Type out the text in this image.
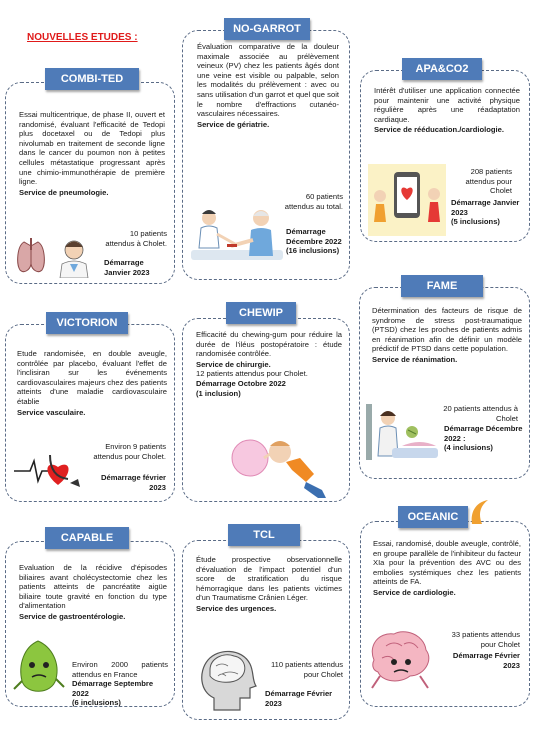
NOUVELLES ETUDES :
COMBI-TED
Essai multicentrique, de phase II, ouvert et randomisé, évaluant l'efficacité de Tedopi plus docetaxel ou de Tedopi plus nivolumab en traitement de seconde ligne dans le cancer du poumon non à petites cellules métastatique progressant après une chimio-immunothérapie de première ligne.
Service de pneumologie.
10 patients attendus à Cholet.
Démarrage
Janvier 2023
NO-GARROT
Évaluation comparative de la douleur maximale associée au prélèvement veineux (PV) chez les patients âgés dont une veine est visible ou palpable, selon les modalités du prélèvement : avec ou sans utilisation d'un garrot et quel que soit le nombre d'effractions cutanéo-vasculaires nécessaires.
Service de gériatrie.
60 patients attendus au total.
Démarrage Décembre 2022
(16 inclusions)
APA&CO2
Intérêt d'utiliser une application connectée pour maintenir une activité physique régulière après une réadaptation cardiaque.
Service de rééducation./cardiologie.
208 patients attendus pour Cholet
Démarrage Janvier 2023
(5 inclusions)
VICTORION
Etude randomisée, en double aveugle, contrôlée par placebo, évaluant l'effet de l'inclisiran sur les événements cardiovasculaires majeurs chez des patients atteints d'une maladie cardiovasculaire établie
Service vasculaire.
Environ 9 patients attendus pour Cholet.
Démarrage février 2023
CHEWIP
Efficacité du chewing-gum pour réduire la durée de l'iléus postopératoire : étude randomisée contrôlée.
Service de chirurgie.
12 patients attendus pour Cholet.
Démarrage Octobre 2022
(1 inclusion)
FAME
Détermination des facteurs de risque de syndrome de stress post-traumatique (PTSD) chez les proches de patients admis en réanimation afin de définir un modèle prédictif de PTSD dans cette population.
Service de réanimation.
20 patients attendus à Cholet
Démarrage Décembre 2022 :
(4 inclusions)
CAPABLE
Evaluation de la récidive d'épisodes biliaires avant cholécystectomie chez les patients atteints de pancréatite aigüe biliaire toute gravité en fonction du type d'alimentation
Service de gastroentérologie.
Environ 2000 patients attendus en France
Démarrage Septembre 2022
(6 inclusions)
TCL
Étude prospective observationnelle d'évaluation de l'impact potentiel d'un score de stratification du risque hémorragique dans les patients victimes d'un Traumatisme Crânien Léger.
Service des urgences.
110 patients attendus pour Cholet
Démarrage Février 2023
OCEANIC
Essai, randomisé, double aveugle, contrôlé, en groupe parallèle de l'inhibiteur du facteur XIa pour la prévention des AVC ou des embolies systémiques chez les patients atteints de FA.
Service de cardiologie.
33 patients attendus pour Cholet
Démarrage Février 2023
